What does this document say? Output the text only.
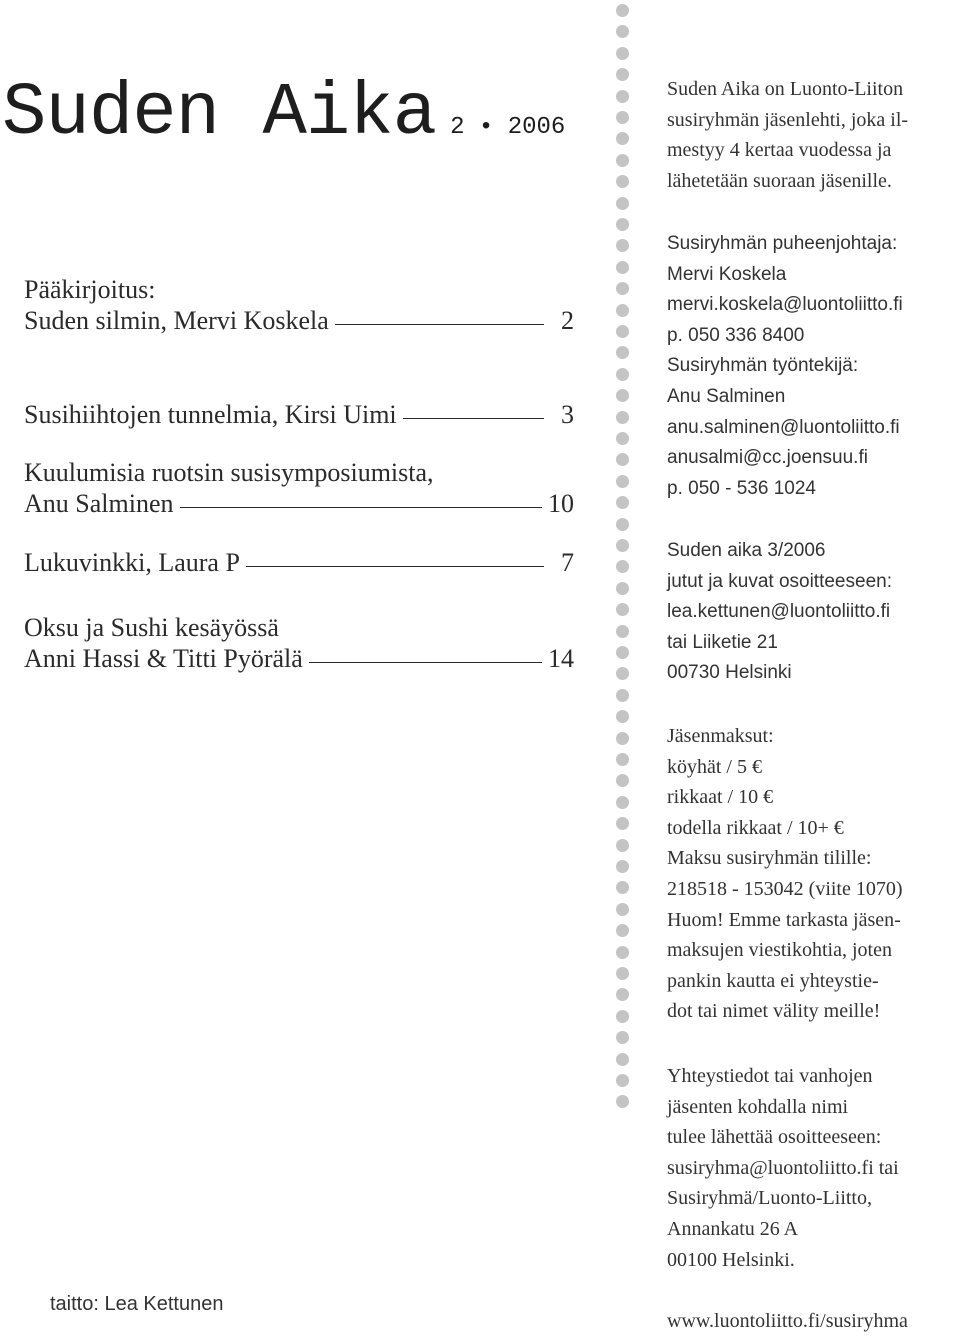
Suden Aika 2 • 2006
Pääkirjoitus:
Suden silmin, Mervi Koskela	2
Susihiihtojen tunnelmia, Kirsi Uimi	3
Kuulumisia ruotsin susisymposiumista,
Anu Salminen	10
Lukuvinkki, Laura P	7
Oksu ja Sushi kesäyössä
Anni Hassi & Titti Pyörälä	14
taitto: Lea Kettunen
Suden Aika on Luonto-Liiton
susiryhmän jäsenlehti, joka il-
mestyy 4 kertaa vuodessa ja
lähetetään suoraan jäsenille.
Susiryhmän puheenjohtaja:
Mervi Koskela
mervi.koskela@luontoliitto.fi
p. 050 336 8400
Susiryhmän työntekijä:
Anu Salminen
anu.salminen@luontoliitto.fi
anusalmi@cc.joensuu.fi
p. 050 - 536 1024
Suden aika 3/2006
jutut ja kuvat osoitteeseen:
lea.kettunen@luontoliitto.fi
tai Liiketie 21
00730 Helsinki
Jäsenmaksut:
köyhät / 5 €
rikkaat / 10 €
todella rikkaat / 10+ €
Maksu susiryhmän tilille:
218518 - 153042 (viite 1070)
Huom! Emme tarkasta jäsen-
maksujen viestikohtia, joten
pankin kautta ei yhteystie-
dot tai nimet välity meille!
Yhteystiedot tai vanhojen
jäsenten kohdalla nimi
tulee lähettää osoitteeseen:
susiryhma@luontoliitto.fi tai
Susiryhmä/Luonto-Liitto,
Annankatu 26 A
00100 Helsinki.
www.luontoliitto.fi/susiryhma
